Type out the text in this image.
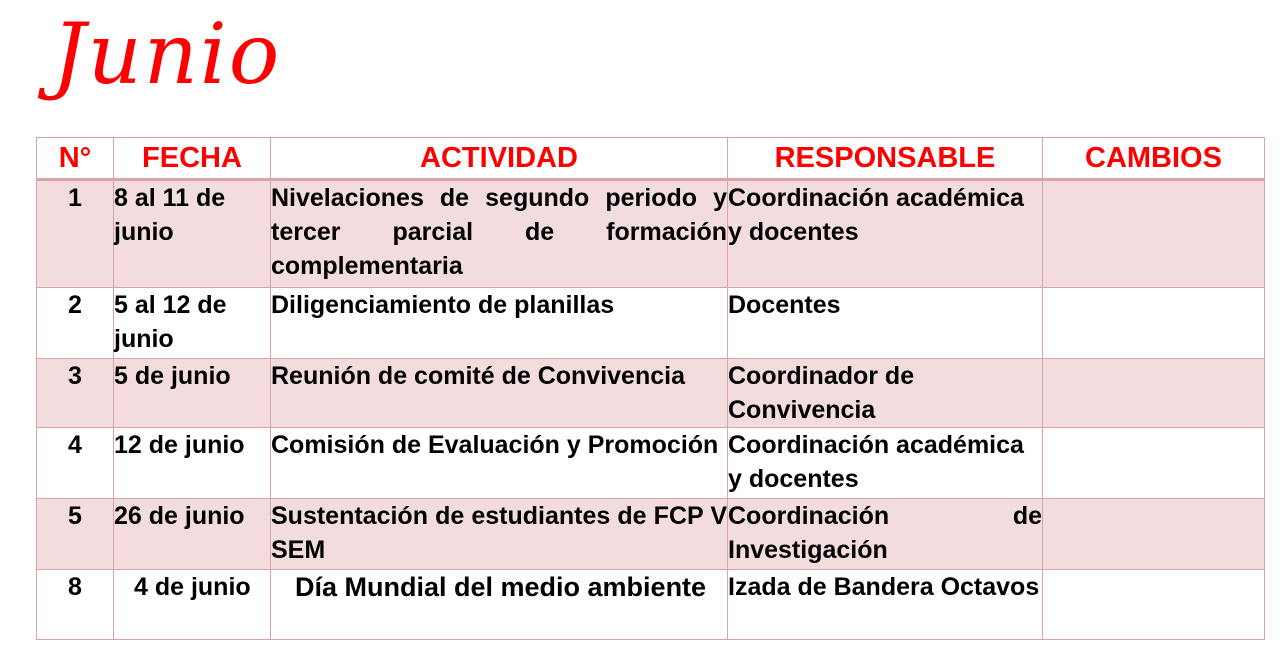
Junio
N°	FECHA	ACTIVIDAD	RESPONSABLE	CAMBIOS
1	8 al 11 de junio	Nivelaciones de segundo periodo y tercer parcial de formación complementaria	Coordinación académica y docentes	
2	5 al 12 de junio	Diligenciamiento de planillas	Docentes	
3	5 de junio	Reunión de comité de Convivencia	Coordinador de Convivencia	
4	12 de junio	Comisión de Evaluación y Promoción	Coordinación académica y docentes	
5	26 de junio	Sustentación de estudiantes de FCP V SEM	Coordinación de Investigación	
8	4 de junio	Día Mundial del medio ambiente	Izada de Bandera Octavos	
